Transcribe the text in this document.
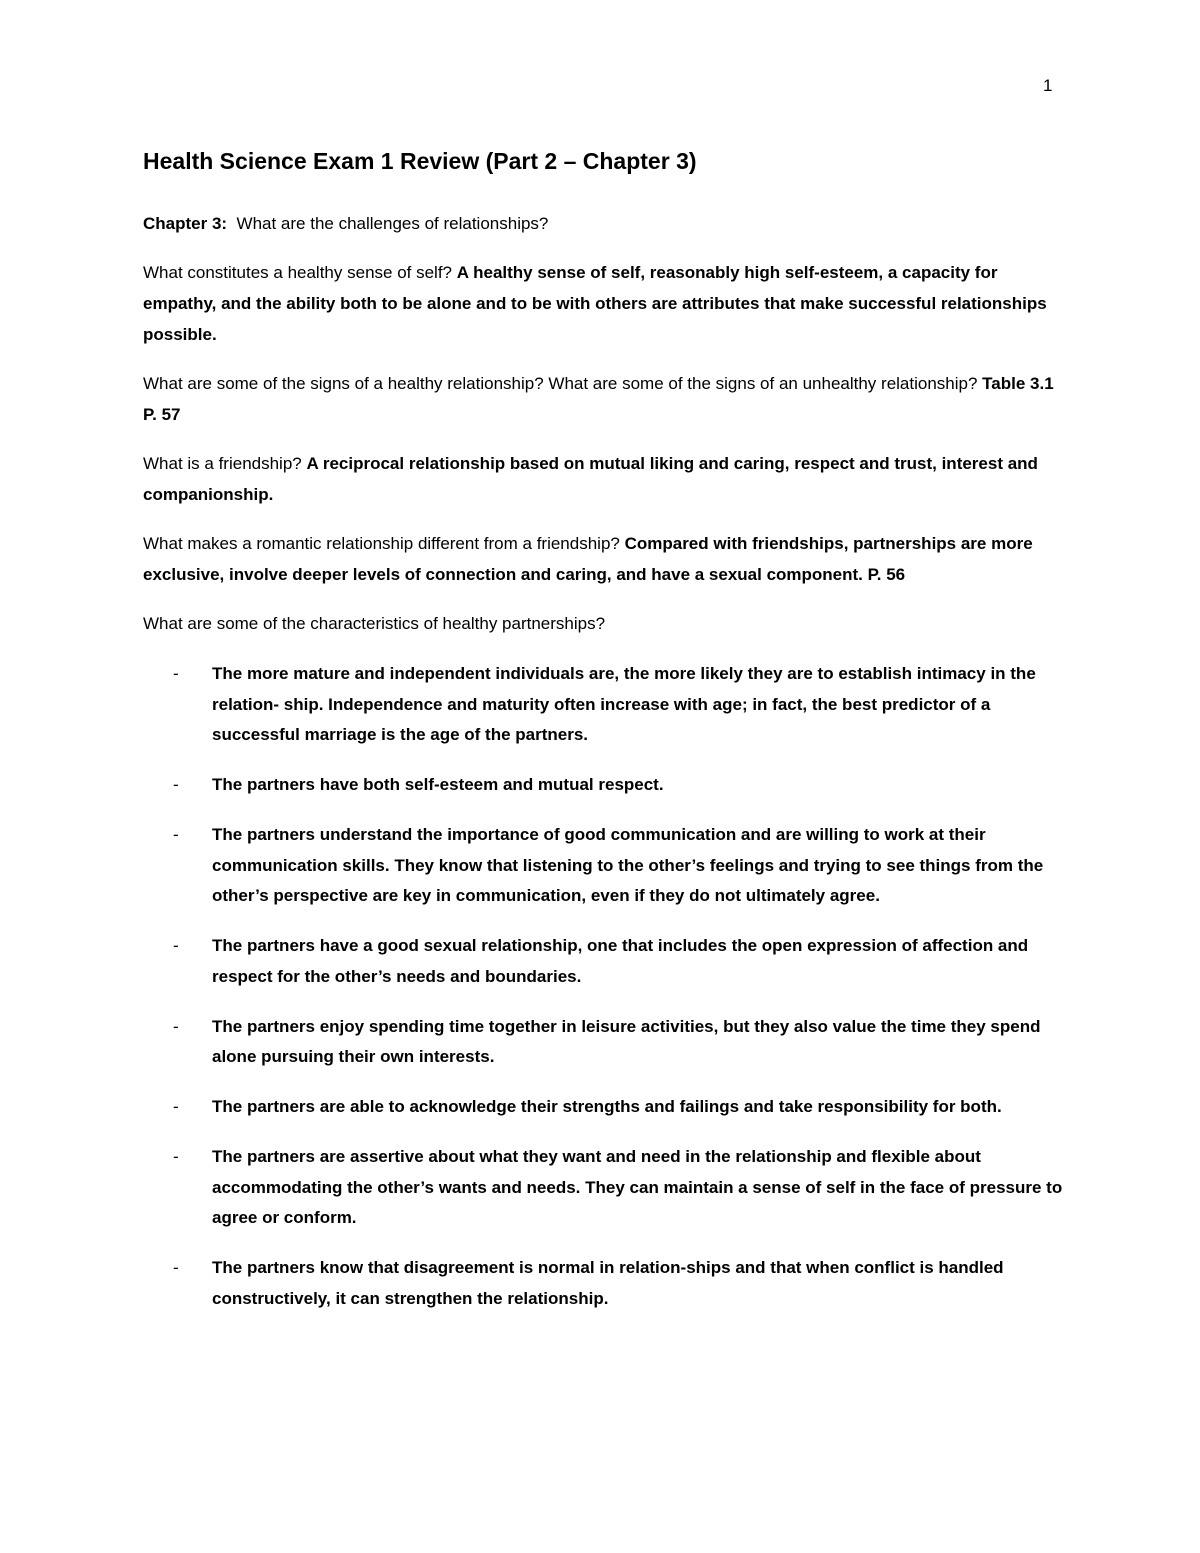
1
Health Science Exam 1 Review (Part 2 – Chapter 3)

Chapter 3:  What are the challenges of relationships?

What constitutes a healthy sense of self? A healthy sense of self, reasonably high self-esteem, a capacity for empathy, and the ability both to be alone and to be with others are attributes that make successful relationships possible.

What are some of the signs of a healthy relationship? What are some of the signs of an unhealthy relationship? Table 3.1 P. 57

What is a friendship? A reciprocal relationship based on mutual liking and caring, respect and trust, interest and companionship.

What makes a romantic relationship different from a friendship? Compared with friendships, partnerships are more exclusive, involve deeper levels of connection and caring, and have a sexual component. P. 56

What are some of the characteristics of healthy partnerships?

- The more mature and independent individuals are, the more likely they are to establish intimacy in the relation- ship. Independence and maturity often increase with age; in fact, the best predictor of a successful marriage is the age of the partners.
- The partners have both self-esteem and mutual respect.
- The partners understand the importance of good communication and are willing to work at their communication skills. They know that listening to the other’s feelings and trying to see things from the other’s perspective are key in communication, even if they do not ultimately agree.
- The partners have a good sexual relationship, one that includes the open expression of affection and respect for the other’s needs and boundaries.
- The partners enjoy spending time together in leisure activities, but they also value the time they spend alone pursuing their own interests.
- The partners are able to acknowledge their strengths and failings and take responsibility for both.
- The partners are assertive about what they want and need in the relationship and flexible about accommodating the other’s wants and needs. They can maintain a sense of self in the face of pressure to agree or conform.
- The partners know that disagreement is normal in relation-ships and that when conflict is handled constructively, it can strengthen the relationship.
